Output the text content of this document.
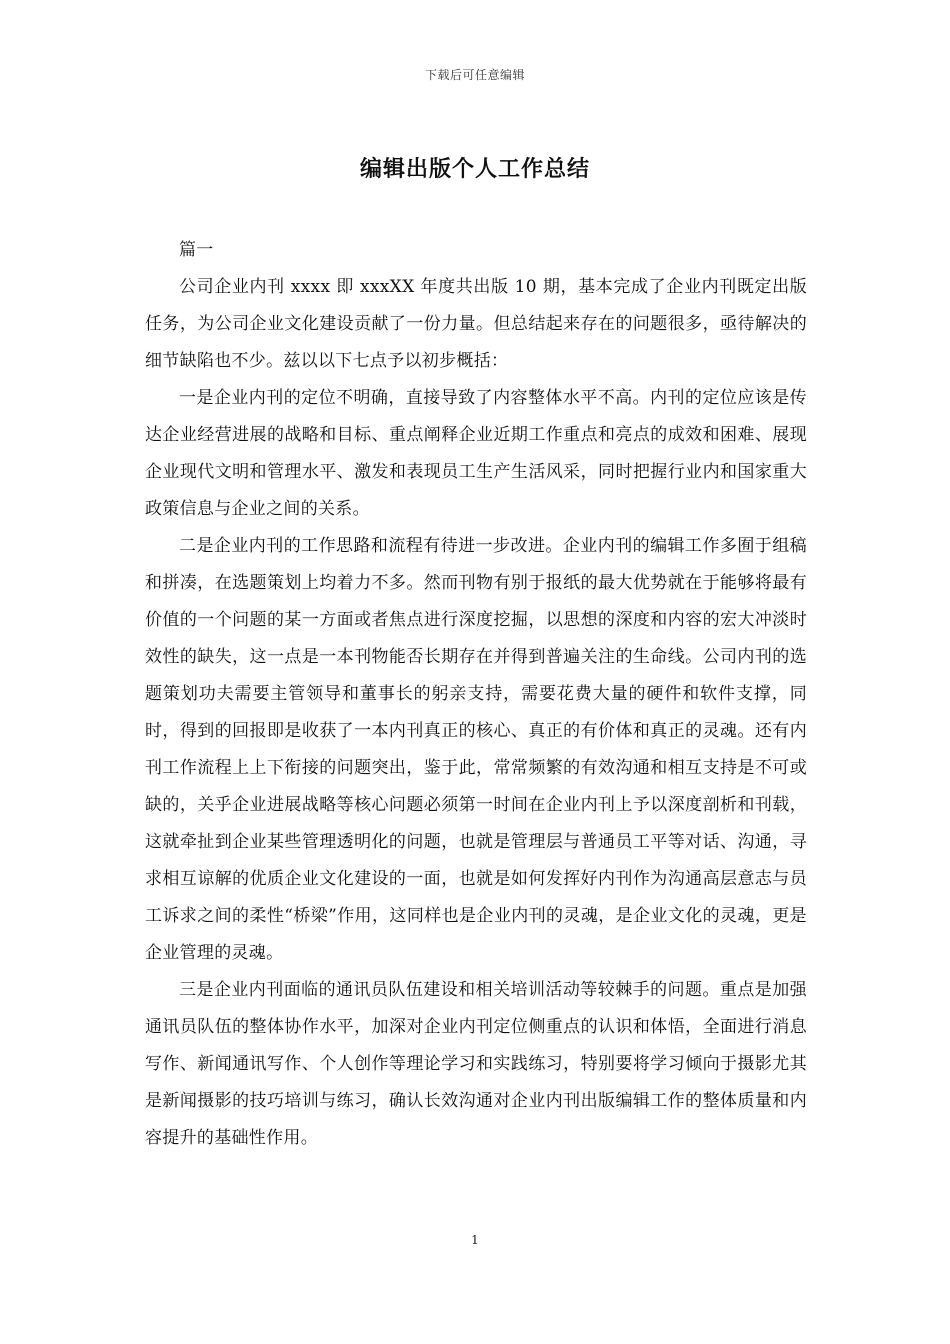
下载后可任意编辑
编辑出版个人工作总结

篇一

公司企业内刊 xxxx 即 xxxXX 年度共出版 10 期，基本完成了企业内刊既定出版任务，为公司企业文化建设贡献了一份力量。但总结起来存在的问题很多，亟待解决的细节缺陷也不少。兹以以下七点予以初步概括：

一是企业内刊的定位不明确，直接导致了内容整体水平不高。内刊的定位应该是传达企业经营进展的战略和目标、重点阐释企业近期工作重点和亮点的成效和困难、展现企业现代文明和管理水平、激发和表现员工生产生活风采，同时把握行业内和国家重大政策信息与企业之间的关系。

二是企业内刊的工作思路和流程有待进一步改进。企业内刊的编辑工作多囿于组稿和拼凑，在选题策划上均着力不多。然而刊物有别于报纸的最大优势就在于能够将最有价值的一个问题的某一方面或者焦点进行深度挖掘，以思想的深度和内容的宏大冲淡时效性的缺失，这一点是一本刊物能否长期存在并得到普遍关注的生命线。公司内刊的选题策划功夫需要主管领导和董事长的躬亲支持，需要花费大量的硬件和软件支撑，同时，得到的回报即是收获了一本内刊真正的核心、真正的有价体和真正的灵魂。还有内刊工作流程上上下衔接的问题突出，鉴于此，常常频繁的有效沟通和相互支持是不可或缺的，关乎企业进展战略等核心问题必须第一时间在企业内刊上予以深度剖析和刊载，这就牵扯到企业某些管理透明化的问题，也就是管理层与普通员工平等对话、沟通，寻求相互谅解的优质企业文化建设的一面，也就是如何发挥好内刊作为沟通高层意志与员工诉求之间的柔性“桥梁”作用，这同样也是企业内刊的灵魂，是企业文化的灵魂，更是企业管理的灵魂。

三是企业内刊面临的通讯员队伍建设和相关培训活动等较棘手的问题。重点是加强通讯员队伍的整体协作水平，加深对企业内刊定位侧重点的认识和体悟，全面进行消息写作、新闻通讯写作、个人创作等理论学习和实践练习，特别要将学习倾向于摄影尤其是新闻摄影的技巧培训与练习，确认长效沟通对企业内刊出版编辑工作的整体质量和内容提升的基础性作用。

1
